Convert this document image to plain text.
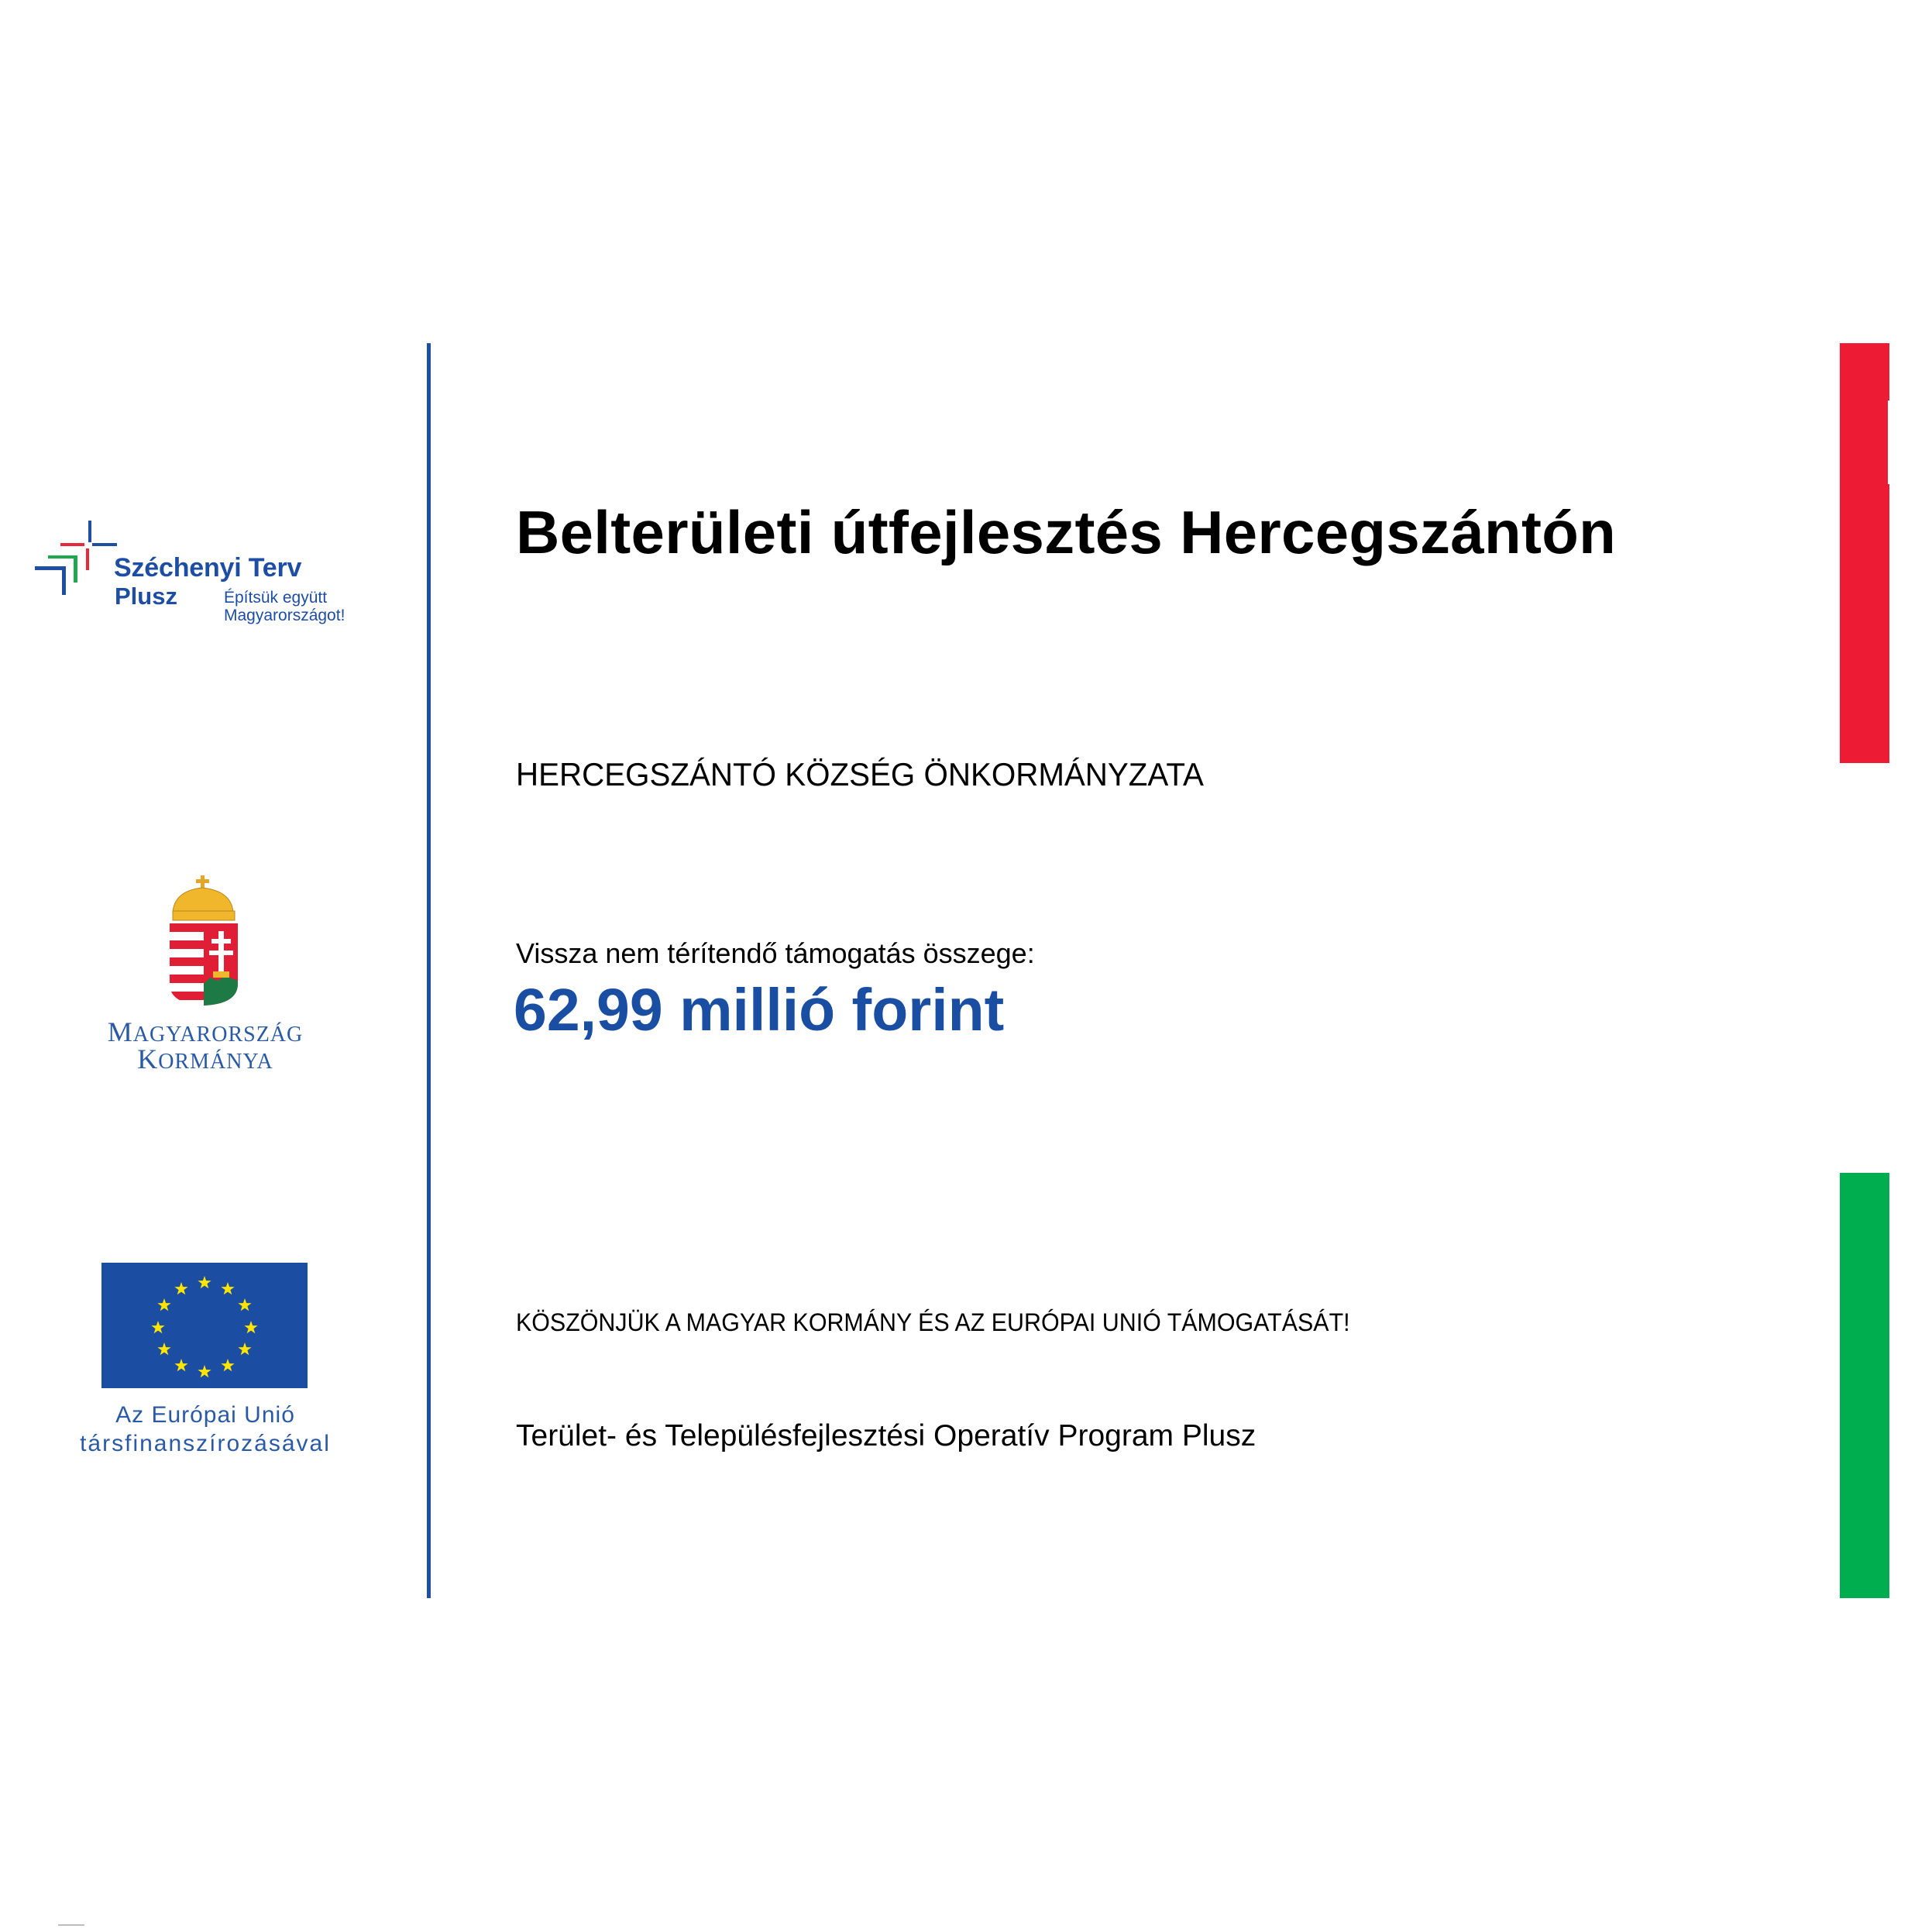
Széchenyi Terv
Plusz	Építsük együtt
Magyarországot!
MAGYARORSZÁG
KORMÁNYA
Az Európai Unió
társfinanszírozásával
Belterületi útfejlesztés Hercegszántón
HERCEGSZÁNTÓ KÖZSÉG ÖNKORMÁNYZATA
Vissza nem térítendő támogatás összege:
62,99 millió forint
KÖSZÖNJÜK A MAGYAR KORMÁNY ÉS AZ EURÓPAI UNIÓ TÁMOGATÁSÁT!
Terület- és Településfejlesztési Operatív Program Plusz
